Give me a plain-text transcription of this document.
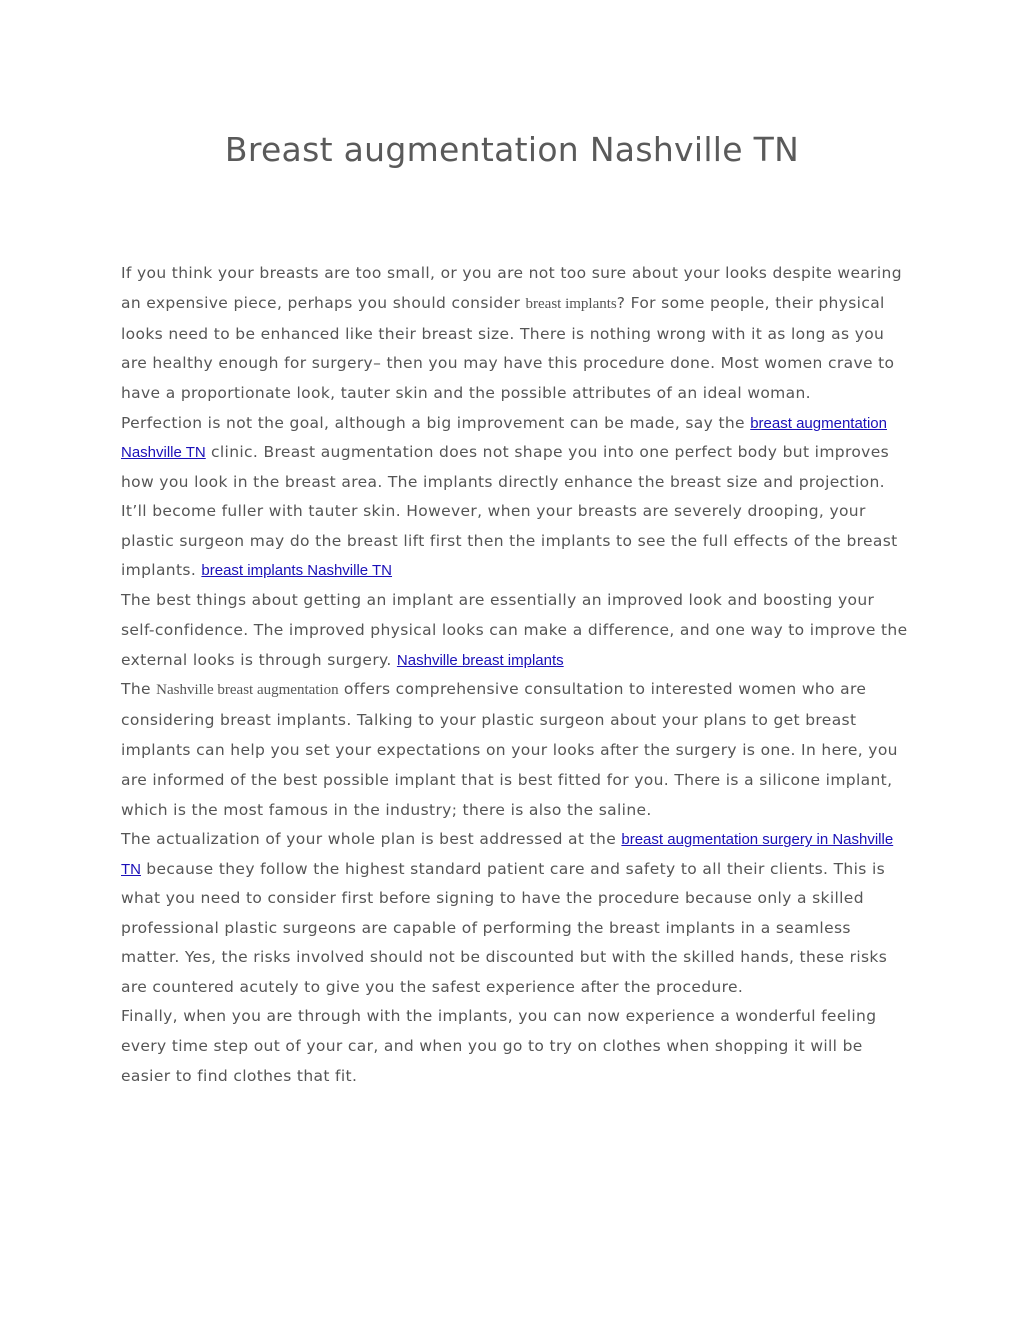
Breast augmentation Nashville TN

If you think your breasts are too small, or you are not too sure about your looks despite wearing an expensive piece, perhaps you should consider breast implants? For some people, their physical looks need to be enhanced like their breast size. There is nothing wrong with it as long as you are healthy enough for surgery– then you may have this procedure done. Most women crave to have a proportionate look, tauter skin and the possible attributes of an ideal woman.

Perfection is not the goal, although a big improvement can be made, say the breast augmentation Nashville TN clinic. Breast augmentation does not shape you into one perfect body but improves how you look in the breast area. The implants directly enhance the breast size and projection. It’ll become fuller with tauter skin. However, when your breasts are severely drooping, your plastic surgeon may do the breast lift first then the implants to see the full effects of the breast implants. breast implants Nashville TN

The best things about getting an implant are essentially an improved look and boosting your self-confidence. The improved physical looks can make a difference, and one way to improve the external looks is through surgery. Nashville breast implants

The Nashville breast augmentation offers comprehensive consultation to interested women who are considering breast implants. Talking to your plastic surgeon about your plans to get breast implants can help you set your expectations on your looks after the surgery is one. In here, you are informed of the best possible implant that is best fitted for you. There is a silicone implant, which is the most famous in the industry; there is also the saline.

The actualization of your whole plan is best addressed at the breast augmentation surgery in Nashville TN because they follow the highest standard patient care and safety to all their clients. This is what you need to consider first before signing to have the procedure because only a skilled professional plastic surgeons are capable of performing the breast implants in a seamless matter. Yes, the risks involved should not be discounted but with the skilled hands, these risks are countered acutely to give you the safest experience after the procedure.

Finally, when you are through with the implants, you can now experience a wonderful feeling every time step out of your car, and when you go to try on clothes when shopping it will be easier to find clothes that fit.
